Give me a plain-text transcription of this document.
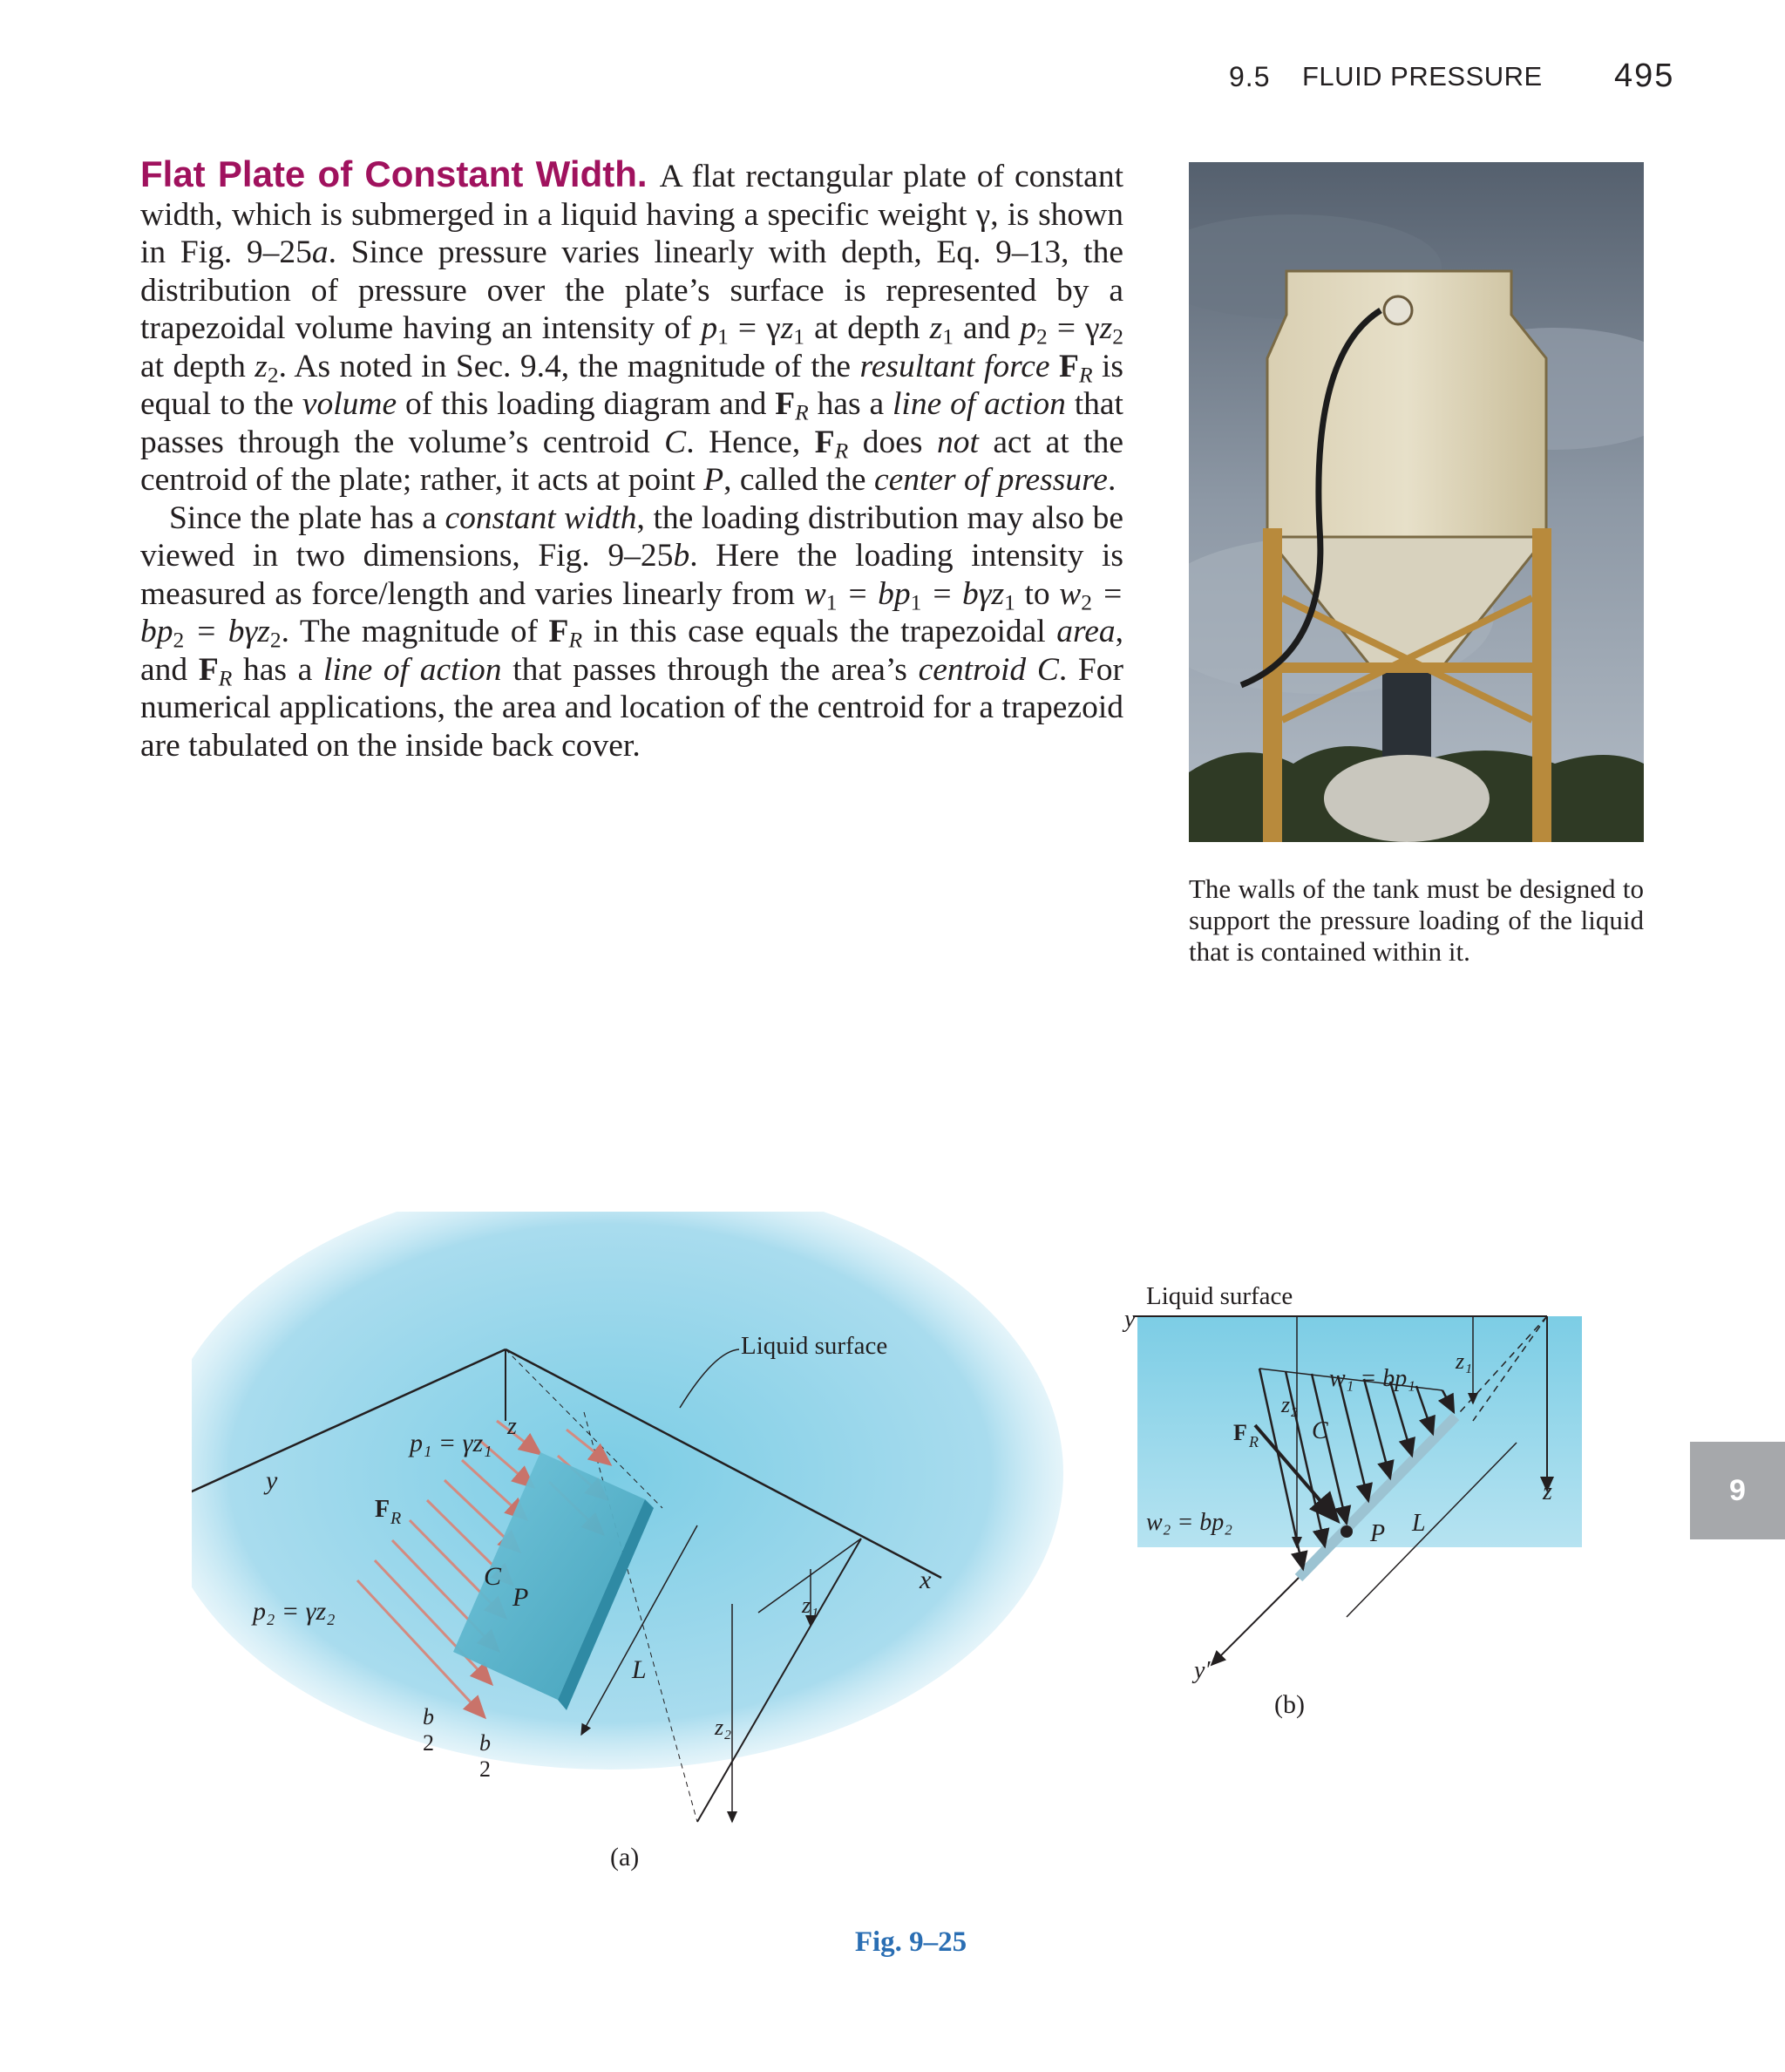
9.5 FLUID PRESSURE 495

Flat Plate of Constant Width. A flat rectangular plate of constant width, which is submerged in a liquid having a specific weight γ, is shown in Fig. 9–25a. Since pressure varies linearly with depth, Eq. 9–13, the distribution of pressure over the plate’s surface is represented by a trapezoidal volume having an intensity of $p_1 = \gamma z_1$ at depth $z_1$ and $p_2 = \gamma z_2$ at depth $z_2$. As noted in Sec. 9.4, the magnitude of the resultant force $F_R$ is equal to the volume of this loading diagram and $F_R$ has a line of action that passes through the volume’s centroid C. Hence, $F_R$ does not act at the centroid of the plate; rather, it acts at point P, called the center of pressure.

Since the plate has a constant width, the loading distribution may also be viewed in two dimensions, Fig. 9–25b. Here the loading intensity is measured as force/length and varies linearly from $w_1 = bp_1 = b\gamma z_1$ to $w_2 = bp_2 = b\gamma z_2$. The magnitude of $F_R$ in this case equals the trapezoidal area, and $F_R$ has a line of action that passes through the area’s centroid C. For numerical applications, the area and location of the centroid for a trapezoid are tabulated on the inside back cover.

The walls of the tank must be designed to support the pressure loading of the liquid that is contained within it.
9
Liquid surface
y
x
z
p₁ = γz₁
p₂ = γz₂
F R
C
P
L
z₁
z₂
b
2 b
2
(a)
Liquid surface
y
z
w₁ = bp₁
w₂ = bp₂
z₁
z₂
F R C
P L
y′
(b)
Fig. 9–25
